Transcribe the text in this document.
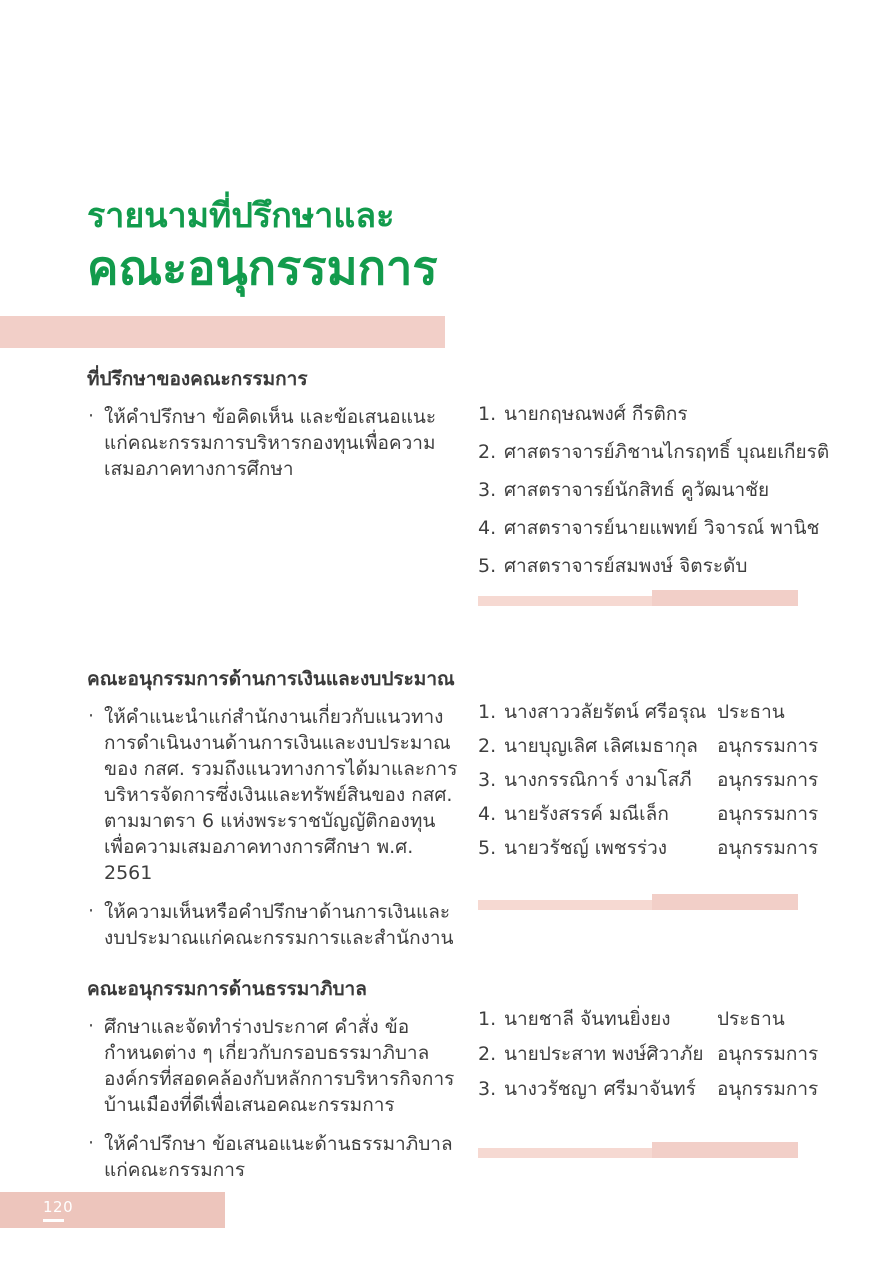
รายนามที่ปรึกษาและ
คณะอนุกรรมการ
ที่ปรึกษาของคณะกรรมการ
· ให้คำปรึกษา ข้อคิดเห็น และข้อเสนอแนะ แก่คณะกรรมการบริหารกองทุนเพื่อความเสมอภาคทางการศึกษา
1. นายกฤษณพงศ์ กีรติกร
2. ศาสตราจารย์ภิชานไกรฤทธิ์ บุณยเกียรติ
3. ศาสตราจารย์นักสิทธ์ คูวัฒนาชัย
4. ศาสตราจารย์นายแพทย์ วิจารณ์ พานิช
5. ศาสตราจารย์สมพงษ์ จิตระดับ
คณะอนุกรรมการด้านการเงินและงบประมาณ
· ให้คำแนะนำแก่สำนักงานเกี่ยวกับแนวทางการดำเนินงานด้านการเงินและงบประมาณของ กสศ. รวมถึงแนวทางการได้มาและการบริหารจัดการซึ่งเงินและทรัพย์สินของ กสศ. ตามมาตรา 6 แห่งพระราชบัญญัติกองทุนเพื่อความเสมอภาคทางการศึกษา พ.ศ. 2561
· ให้ความเห็นหรือคำปรึกษาด้านการเงินและงบประมาณแก่คณะกรรมการและสำนักงาน
1. นางสาววลัยรัตน์ ศรีอรุณ ประธาน
2. นายบุญเลิศ เลิศเมธากุล อนุกรรมการ
3. นางกรรณิการ์ งามโสภี อนุกรรมการ
4. นายรังสรรค์ มณีเล็ก	อนุกรรมการ
5. นายวรัชญ์ เพชรร่วง	อนุกรรมการ
คณะอนุกรรมการด้านธรรมาภิบาล
· ศึกษาและจัดทำร่างประกาศ คำสั่ง ข้อกำหนดต่าง ๆ เกี่ยวกับกรอบธรรมาภิบาลองค์กรที่สอดคล้องกับหลักการบริหารกิจการบ้านเมืองที่ดีเพื่อเสนอคณะกรรมการ
· ให้คำปรึกษา ข้อเสนอแนะด้านธรรมาภิบาลแก่คณะกรรมการ
1. นายชาลี จันทนยิ่งยง ประธาน
2. นายประสาท พงษ์ศิวาภัย อนุกรรมการ
3. นางวรัชญา ศรีมาจันทร์ อนุกรรมการ
120
